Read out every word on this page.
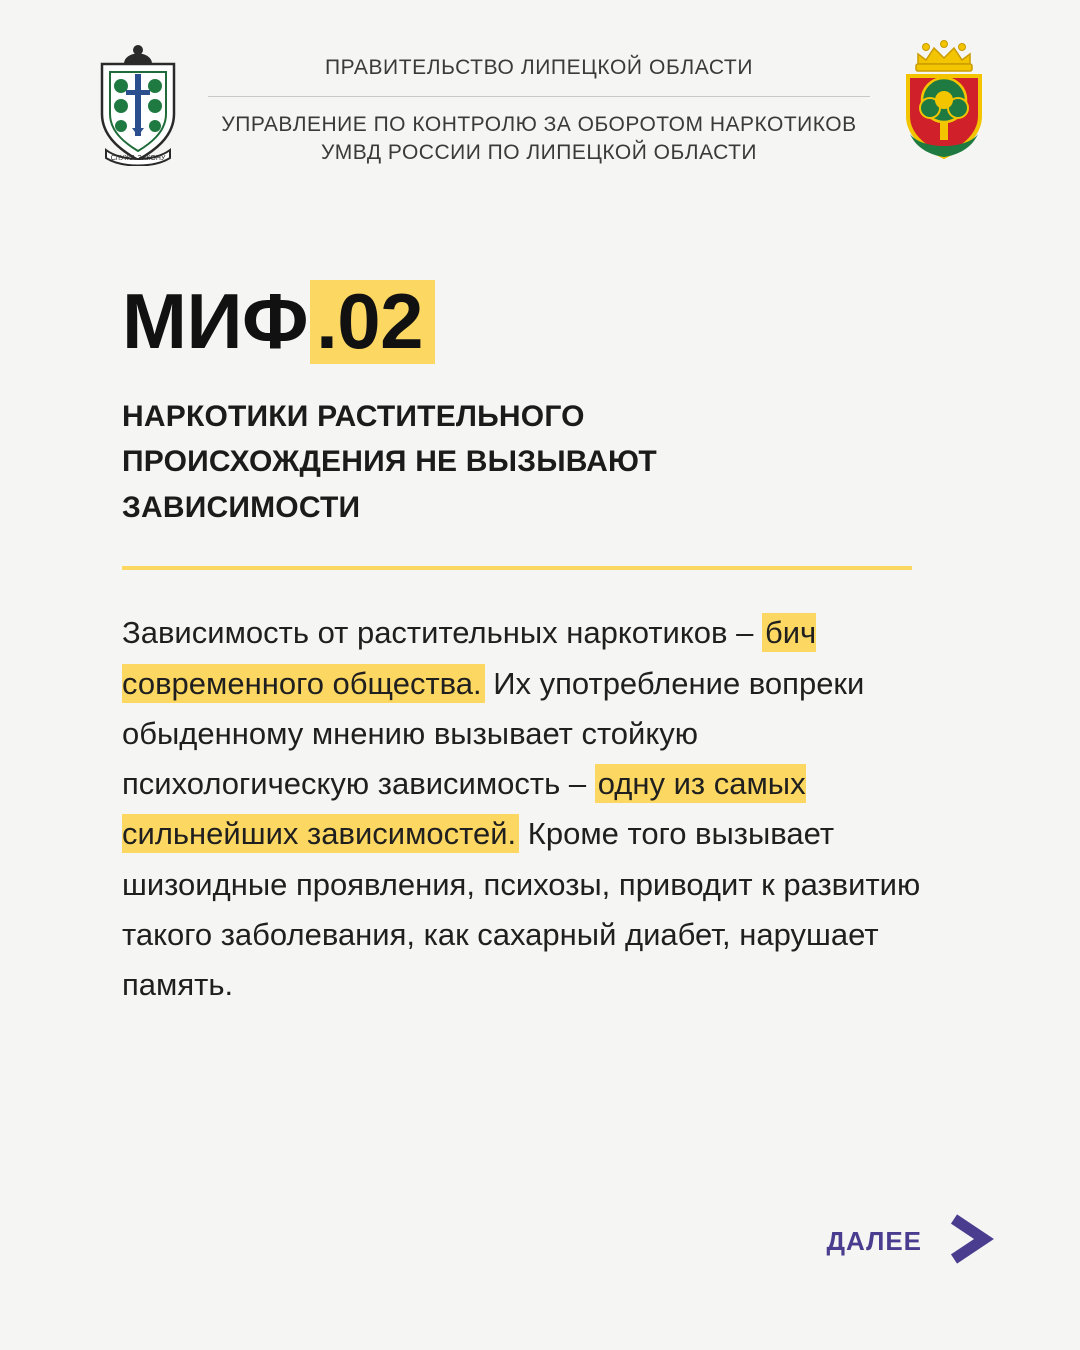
СЛУЖА ЗАКОНУ
ПРАВИТЕЛЬСТВО ЛИПЕЦКОЙ ОБЛАСТИ
УПРАВЛЕНИЕ ПО КОНТРОЛЮ ЗА ОБОРОТОМ НАРКОТИКОВ
УМВД РОССИИ ПО ЛИПЕЦКОЙ ОБЛАСТИ
МИФ .02
НАРКОТИКИ РАСТИТЕЛЬНОГО ПРОИСХОЖДЕНИЯ НЕ ВЫЗЫВАЮТ ЗАВИСИМОСТИ
Зависимость от растительных наркотиков – бич современного общества. Их употребление вопреки обыденному мнению вызывает стойкую психологическую зависимость – одну из самых сильнейших зависимостей. Кроме того вызывает шизоидные проявления, психозы, приводит к развитию такого заболевания, как сахарный диабет, нарушает память.
ДАЛЕЕ
